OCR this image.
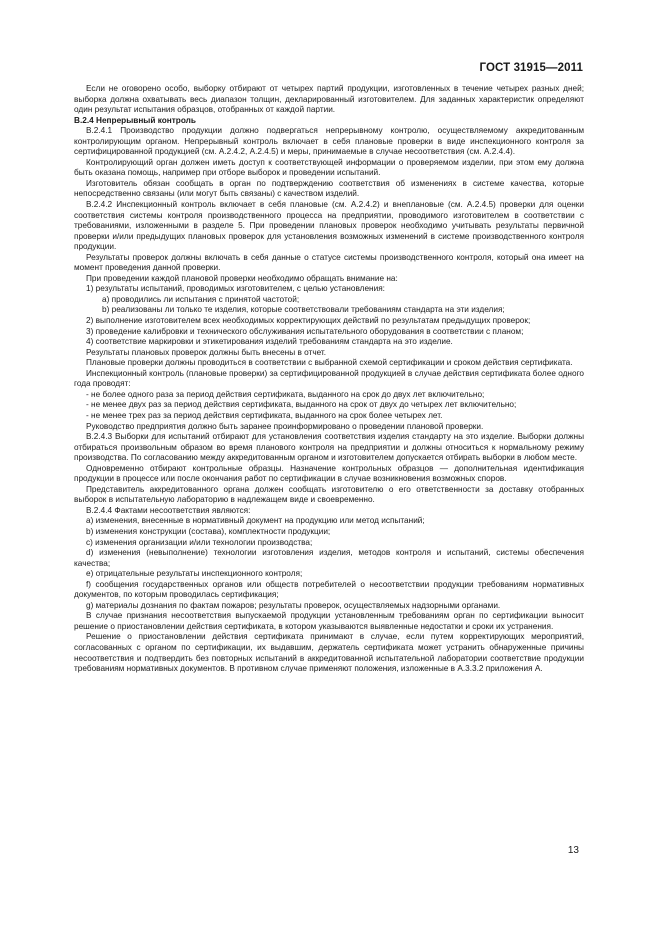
ГОСТ 31915—2011

Если не оговорено особо, выборку отбирают от четырех партий продукции, изготовленных в течение четырех разных дней; выборка должна охватывать весь диапазон толщин, декларированный изготовителем. Для заданных характеристик определяют один результат испытания образцов, отобранных от каждой партии.

В.2.4 Непрерывный контроль

В.2.4.1 Производство продукции должно подвергаться непрерывному контролю, осуществляемому аккредитованным контролирующим органом. Непрерывный контроль включает в себя плановые проверки в виде инспекционного контроля за сертифицированной продукцией (см. А.2.4.2, А.2.4.5) и меры, принимаемые в случае несоответствия (см. А.2.4.4).

Контролирующий орган должен иметь доступ к соответствующей информации о проверяемом изделии, при этом ему должна быть оказана помощь, например при отборе выборок и проведении испытаний.

Изготовитель обязан сообщать в орган по подтверждению соответствия об изменениях в системе качества, которые непосредственно связаны (или могут быть связаны) с качеством изделий.

В.2.4.2 Инспекционный контроль включает в себя плановые (см. А.2.4.2) и внеплановые (см. А.2.4.5) проверки для оценки соответствия системы контроля производственного процесса на предприятии, проводимого изготовителем в соответствии с требованиями, изложенными в разделе 5. При проведении плановых проверок необходимо учитывать результаты первичной проверки и/или предыдущих плановых проверок для установления возможных изменений в системе производственного контроля продукции.

Результаты проверок должны включать в себя данные о статусе системы производственного контроля, который она имеет на момент проведения данной проверки.

При проведении каждой плановой проверки необходимо обращать внимание на:

1) результаты испытаний, проводимых изготовителем, с целью установления:

a) проводились ли испытания с принятой частотой;

b) реализованы ли только те изделия, которые соответствовали требованиям стандарта на эти изделия;

2) выполнение изготовителем всех необходимых корректирующих действий по результатам предыдущих проверок;

3) проведение калибровки и технического обслуживания испытательного оборудования в соответствии с планом;

4) соответствие маркировки и этикетирования изделий требованиям стандарта на это изделие.

Результаты плановых проверок должны быть внесены в отчет.

Плановые проверки должны проводиться в соответствии с выбранной схемой сертификации и сроком действия сертификата.

Инспекционный контроль (плановые проверки) за сертифицированной продукцией в случае действия сертификата более одного года проводят:

- не более одного раза за период действия сертификата, выданного на срок до двух лет включительно;

- не менее двух раз за период действия сертификата, выданного на срок от двух до четырех лет включительно;

- не менее трех раз за период действия сертификата, выданного на срок более четырех лет.

Руководство предприятия должно быть заранее проинформировано о проведении плановой проверки.

В.2.4.3 Выборки для испытаний отбирают для установления соответствия изделия стандарту на это изделие. Выборки должны отбираться произвольным образом во время планового контроля на предприятии и должны относиться к нормальному режиму производства. По согласованию между аккредитованным органом и изготовителем допускается отбирать выборки в любом месте.

Одновременно отбирают контрольные образцы. Назначение контрольных образцов — дополнительная идентификация продукции в процессе или после окончания работ по сертификации в случае возникновения возможных споров.

Представитель аккредитованного органа должен сообщать изготовителю о его ответственности за доставку отобранных выборок в испытательную лабораторию в надлежащем виде и своевременно.

В.2.4.4 Фактами несоответствия являются:

a) изменения, внесенные в нормативный документ на продукцию или метод испытаний;

b) изменения конструкции (состава), комплектности продукции;

c) изменения организации и/или технологии производства;

d) изменения (невыполнение) технологии изготовления изделия, методов контроля и испытаний, системы обеспечения качества;

e) отрицательные результаты инспекционного контроля;

f) сообщения государственных органов или обществ потребителей о несоответствии продукции требованиям нормативных документов, по которым проводилась сертификация;

g) материалы дознания по фактам пожаров; результаты проверок, осуществляемых надзорными органами.

В случае признания несоответствия выпускаемой продукции установленным требованиям орган по сертификации выносит решение о приостановлении действия сертификата, в котором указываются выявленные недостатки и сроки их устранения.

Решение о приостановлении действия сертификата принимают в случае, если путем корректирующих мероприятий, согласованных с органом по сертификации, их выдавшим, держатель сертификата может устранить обнаруженные причины несоответствия и подтвердить без повторных испытаний в аккредитованной испытательной лаборатории соответствие продукции требованиям нормативных документов. В противном случае применяют положения, изложенные в А.3.3.2 приложения А.

13
